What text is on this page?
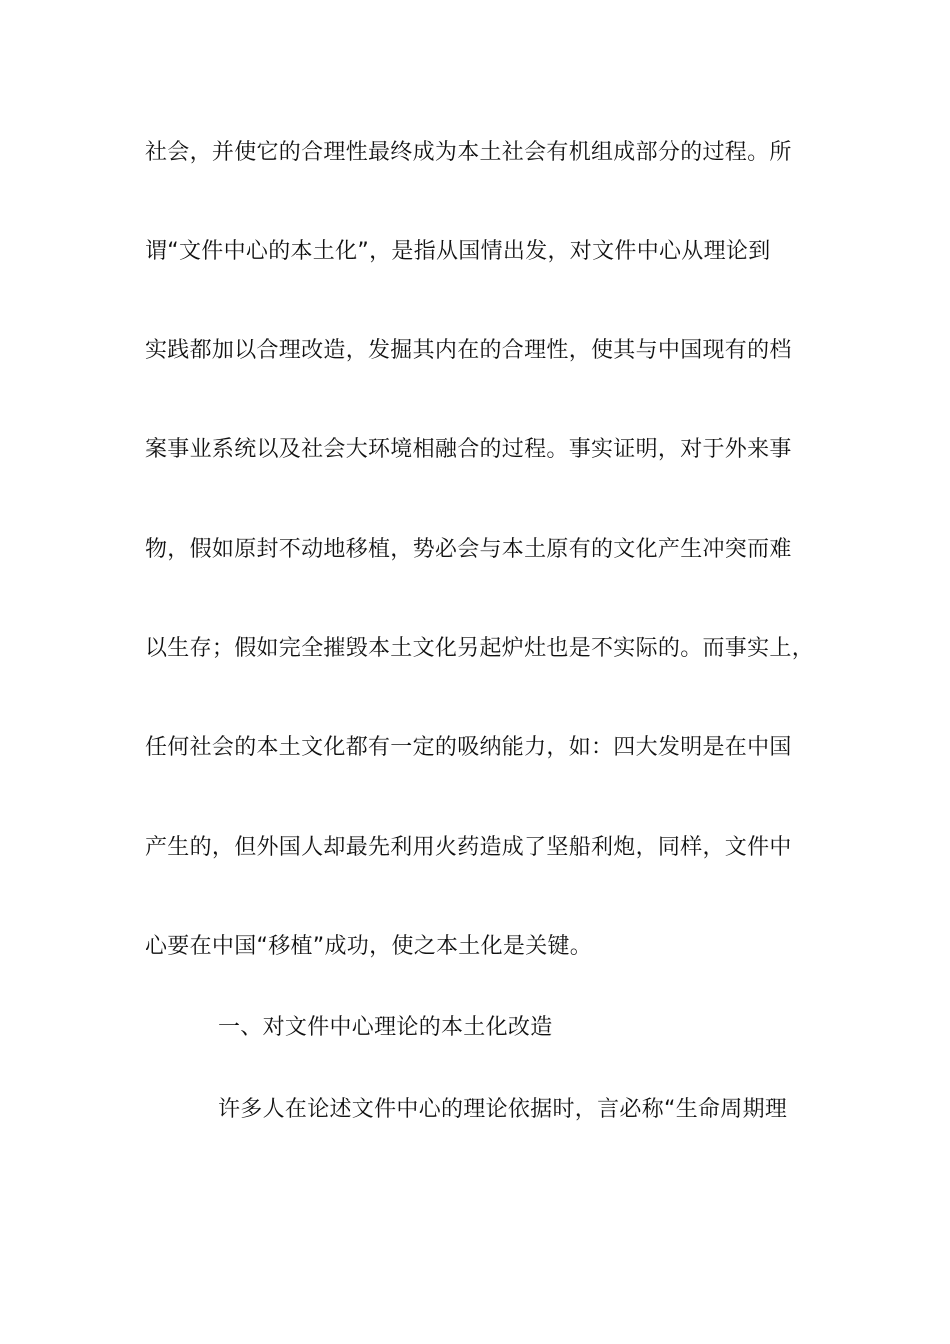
社会，并使它的合理性最终成为本土社会有机组成部分的过程。所
谓“文件中心的本土化”，是指从国情出发，对文件中心从理论到
实践都加以合理改造，发掘其内在的合理性，使其与中国现有的档
案事业系统以及社会大环境相融合的过程。事实证明，对于外来事
物，假如原封不动地移植，势必会与本土原有的文化产生冲突而难
以生存；假如完全摧毁本土文化另起炉灶也是不实际的。而事实上，
任何社会的本土文化都有一定的吸纳能力，如：四大发明是在中国
产生的，但外国人却最先利用火药造成了坚船利炮，同样，文件中
心要在中国“移植”成功，使之本土化是关键。
一、对文件中心理论的本土化改造
许多人在论述文件中心的理论依据时，言必称“生命周期理
